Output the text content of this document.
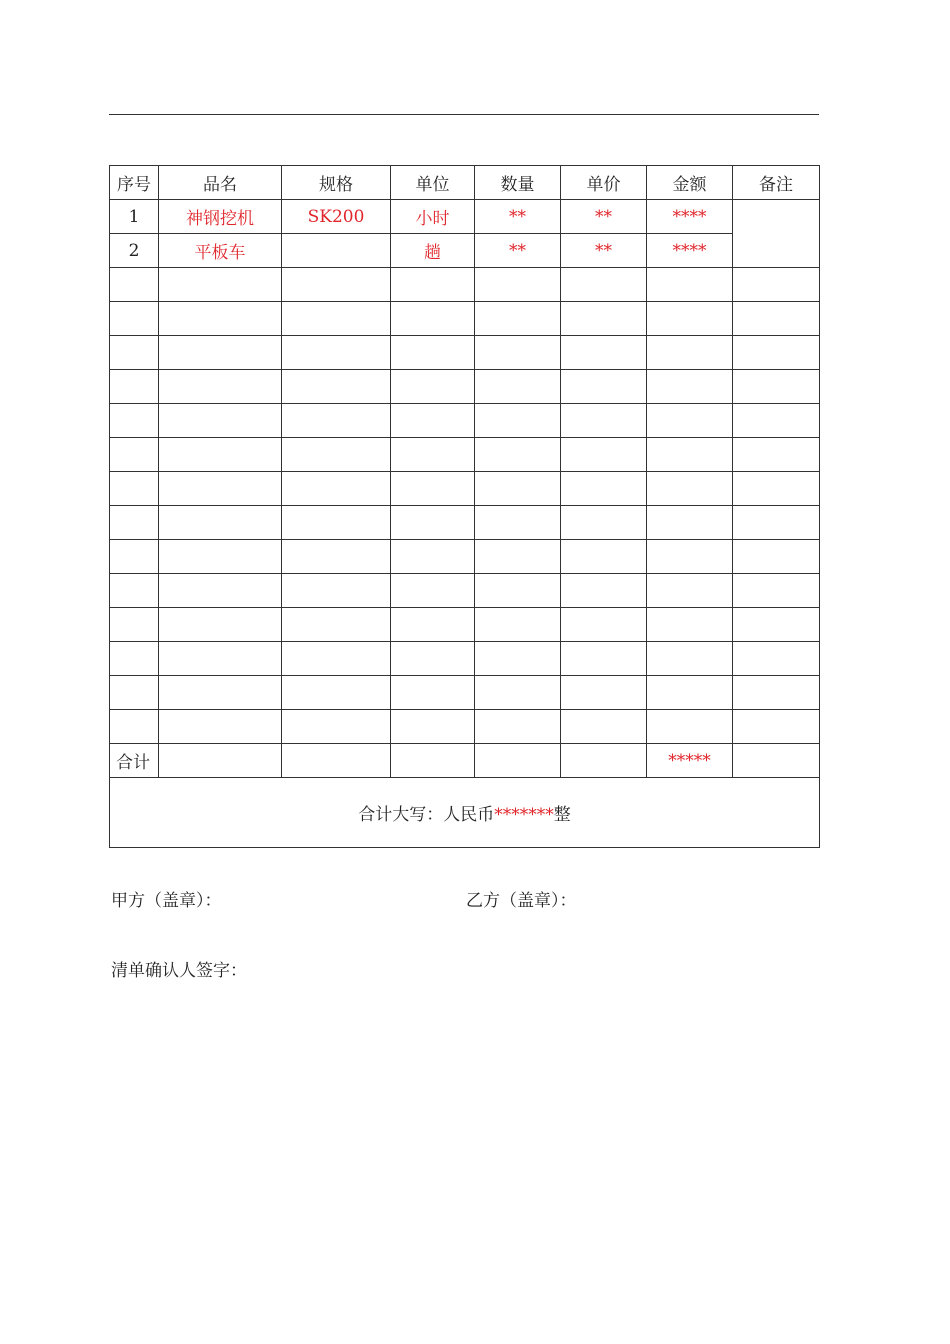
序号	品名	规格	单位	数量	单价	金额	备注
1	神钢挖机	SK200	小时	**	**	****	
2	平板车		趟	**	**	****	

合计						*****	
合计大写：人民币*******整							
甲方（盖章）：	乙方（盖章）：
清单确认人签字：
